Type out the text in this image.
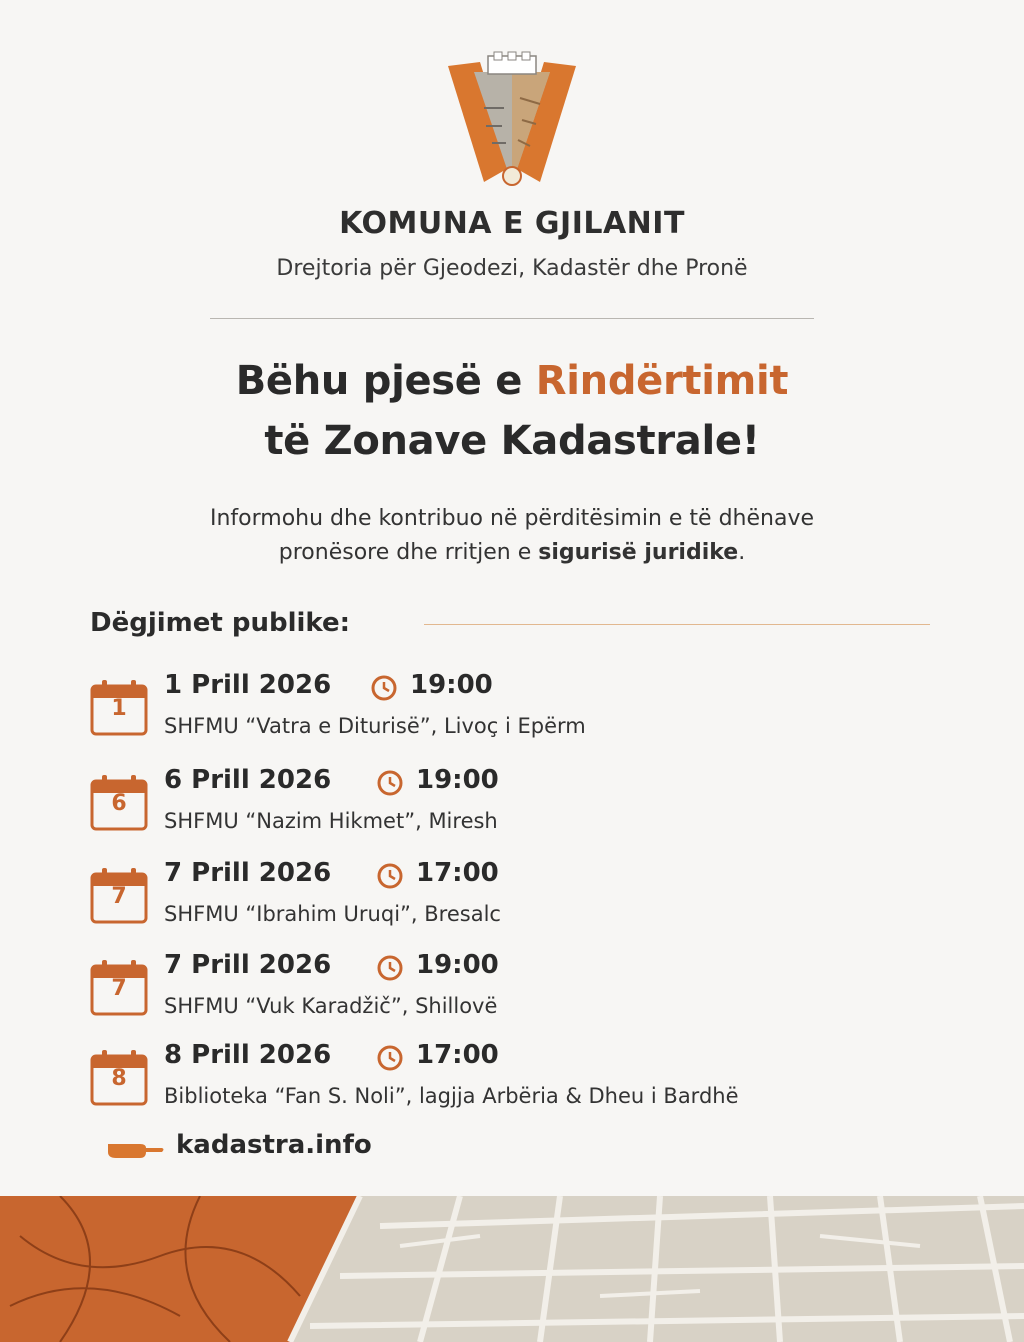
KOMUNA E GJILANIT
Drejtoria për Gjeodezi, Kadastër dhe Pronë
Bëhu pjesë e Rindërtimit
të Zonave Kadastrale!
Informohu dhe kontribuo në përditësimin e të dhënave
pronësore dhe rritjen e sigurisë juridike.
Dëgjimet publike:
1
1 Prill 2026	19:00
SHFMU “Vatra e Diturisë”, Livoç i Epërm
6
6 Prill 2026	19:00
SHFMU “Nazim Hikmet”, Miresh
7
7 Prill 2026	17:00
SHFMU “Ibrahim Uruqi”, Bresalc
7
7 Prill 2026	19:00
SHFMU “Vuk Karadžič”, Shillovë
8
8 Prill 2026	17:00
Biblioteka “Fan S. Noli”, lagjja Arbëria & Dheu i Bardhë
kadastra.info
